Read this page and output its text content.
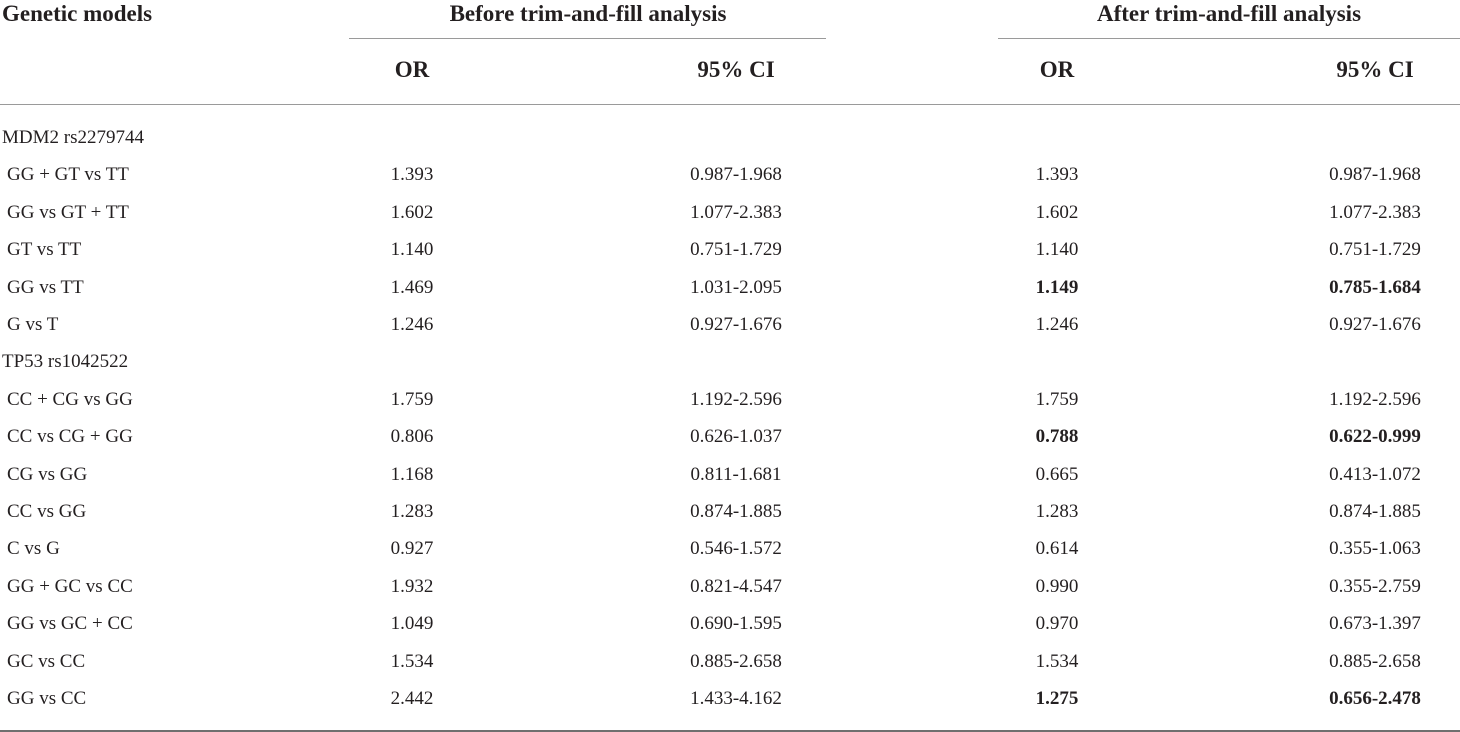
Genetic models	Before trim-and-fill analysis	After trim-and-fill analysis
OR	95% CI	OR	95% CI
MDM2 rs2279744
GG + GT vs TT	1.393	0.987-1.968	1.393	0.987-1.968
GG vs GT + TT	1.602	1.077-2.383	1.602	1.077-2.383
GT vs TT	1.140	0.751-1.729	1.140	0.751-1.729
GG vs TT	1.469	1.031-2.095	1.149	0.785-1.684
G vs T	1.246	0.927-1.676	1.246	0.927-1.676
TP53 rs1042522
CC + CG vs GG	1.759	1.192-2.596	1.759	1.192-2.596
CC vs CG + GG	0.806	0.626-1.037	0.788	0.622-0.999
CG vs GG	1.168	0.811-1.681	0.665	0.413-1.072
CC vs GG	1.283	0.874-1.885	1.283	0.874-1.885
C vs G	0.927	0.546-1.572	0.614	0.355-1.063
GG + GC vs CC	1.932	0.821-4.547	0.990	0.355-2.759
GG vs GC + CC	1.049	0.690-1.595	0.970	0.673-1.397
GC vs CC	1.534	0.885-2.658	1.534	0.885-2.658
GG vs CC	2.442	1.433-4.162	1.275	0.656-2.478
